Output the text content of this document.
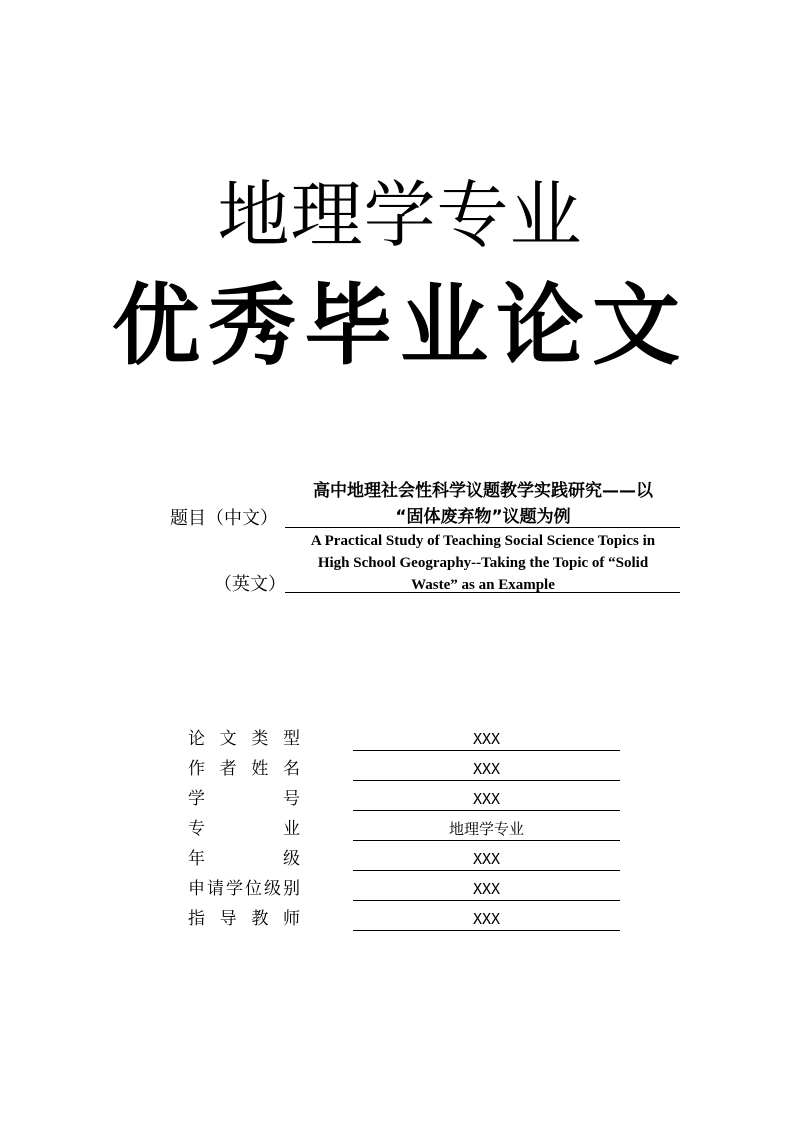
地理学专业
优秀毕业论文
题目（中文）
高中地理社会性科学议题教学实践研究——以
“固体废弃物”议题为例
（英文）
A Practical Study of Teaching Social Science Topics in
High School Geography--Taking the Topic of “Solid
Waste” as an Example
论文类型	XXX
作者姓名	XXX
学号	XXX
专业	地理学专业
年级	XXX
申请学位级别	XXX
指导教师	XXX
